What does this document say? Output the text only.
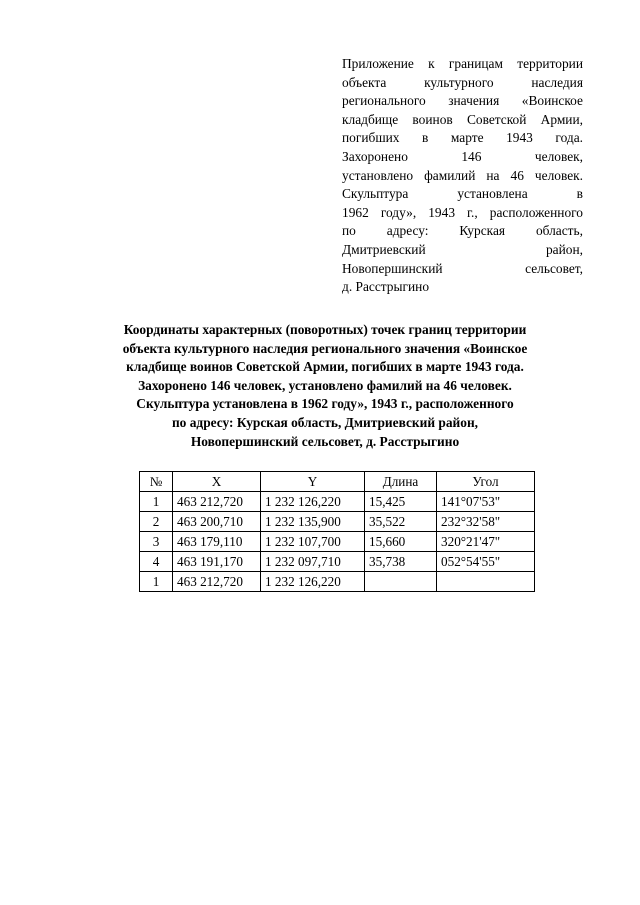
Приложение к границам территории
объекта культурного наследия
регионального значения «Воинское
кладбище воинов Советской Армии,
погибших в марте 1943 года.
Захоронено 146 человек,
установлено фамилий на 46 человек.
Скульптура установлена в
1962 году», 1943 г., расположенного
по адресу: Курская область,
Дмитриевский район,
Новопершинский сельсовет,
д. Расстрыгино
Координаты характерных (поворотных) точек границ территории
объекта культурного наследия регионального значения «Воинское
кладбище воинов Советской Армии, погибших в марте 1943 года.
Захоронено 146 человек, установлено фамилий на 46 человек.
Скульптура установлена в 1962 году», 1943 г., расположенного
по адресу: Курская область, Дмитриевский район,
Новопершинский сельсовет, д. Расстрыгино
№	X	Y	Длина	Угол
1	463 212,720	1 232 126,220	15,425	141°07'53"
2	463 200,710	1 232 135,900	35,522	232°32'58"
3	463 179,110	1 232 107,700	15,660	320°21'47"
4	463 191,170	1 232 097,710	35,738	052°54'55"
1	463 212,720	1 232 126,220		
